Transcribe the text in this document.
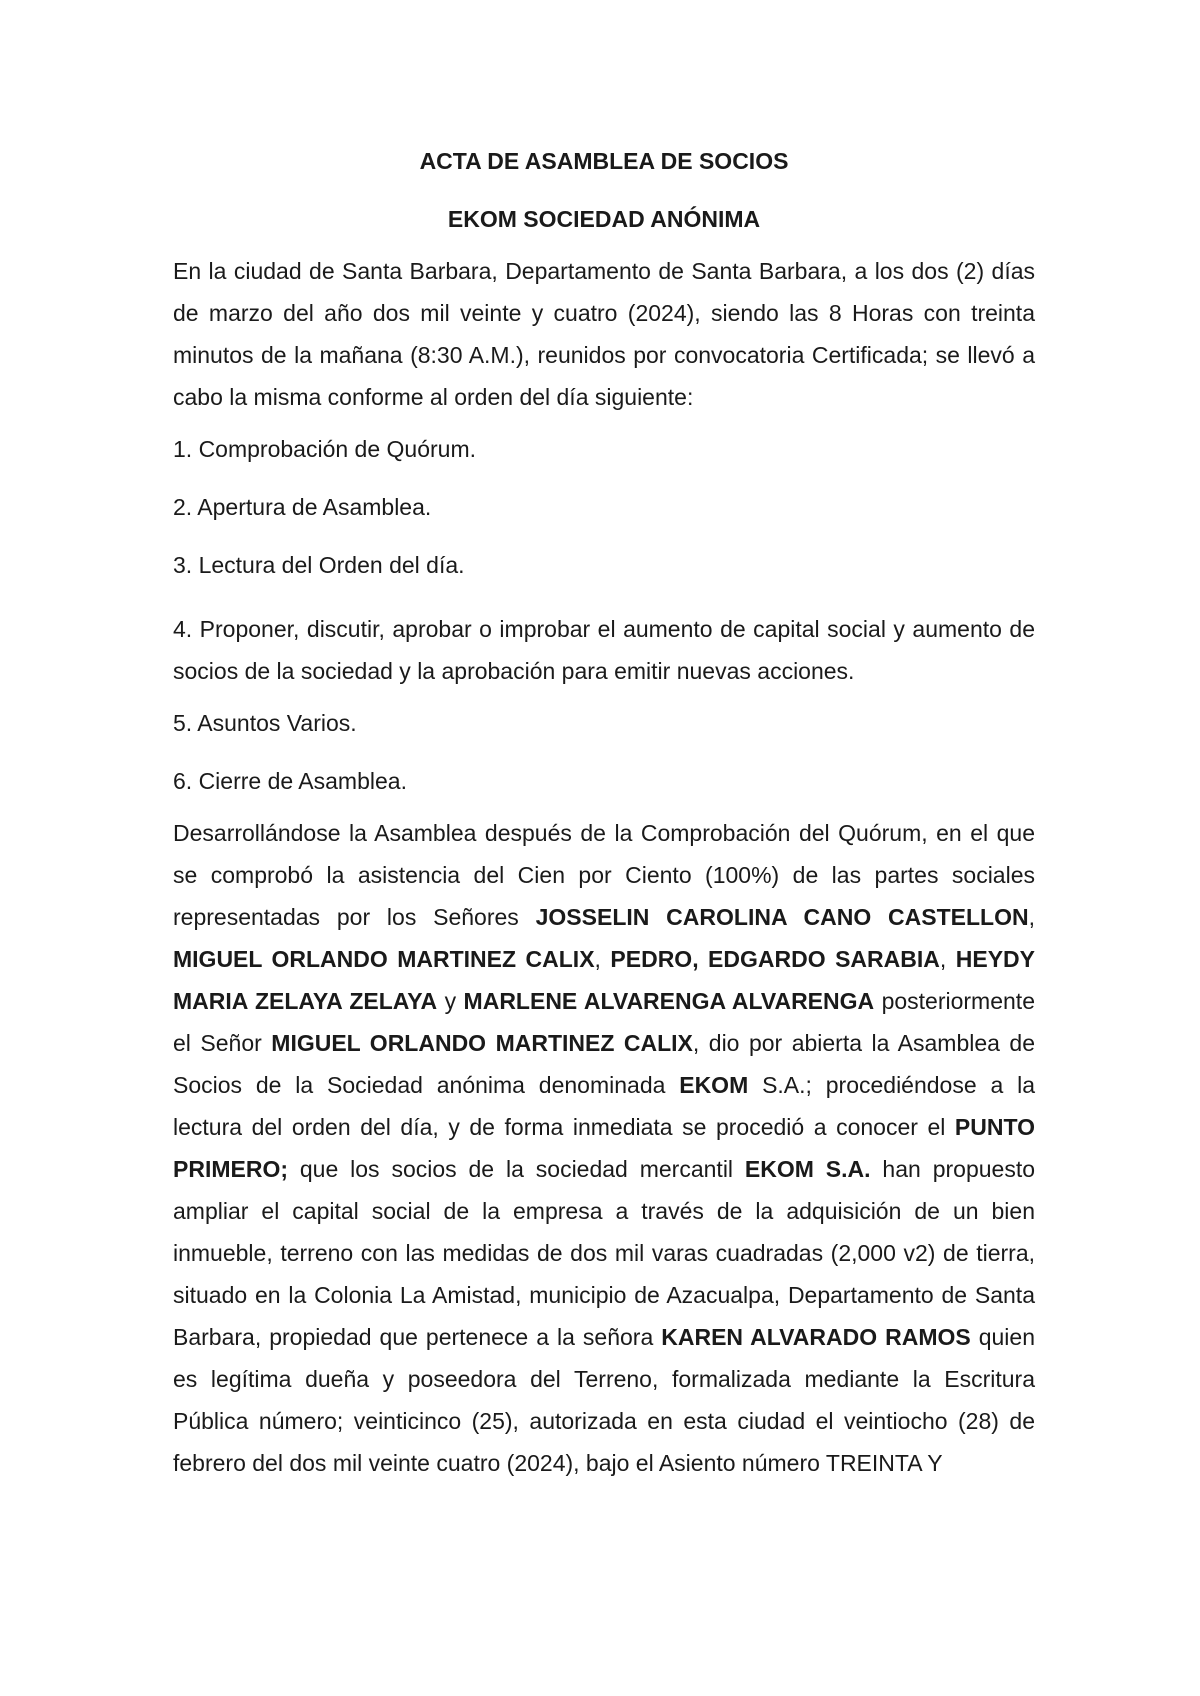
ACTA DE ASAMBLEA DE SOCIOS

EKOM SOCIEDAD ANÓNIMA

En la ciudad de Santa Barbara, Departamento de Santa Barbara, a los dos (2) días de marzo del año dos mil veinte y cuatro (2024), siendo las 8 Horas con treinta minutos de la mañana (8:30 A.M.), reunidos por convocatoria Certificada; se llevó a cabo la misma conforme al orden del día siguiente:

1. Comprobación de Quórum.

2. Apertura de Asamblea.

3. Lectura del Orden del día.

4. Proponer, discutir, aprobar o improbar el aumento de capital social y aumento de socios de la sociedad y la aprobación para emitir nuevas acciones.

5. Asuntos Varios.

6. Cierre de Asamblea.

Desarrollándose la Asamblea después de la Comprobación del Quórum, en el que se comprobó la asistencia del Cien por Ciento (100%) de las partes sociales representadas por los Señores JOSSELIN CAROLINA CANO CASTELLON, MIGUEL ORLANDO MARTINEZ CALIX, PEDRO, EDGARDO SARABIA, HEYDY MARIA ZELAYA ZELAYA y MARLENE ALVARENGA ALVARENGA posteriormente el Señor MIGUEL ORLANDO MARTINEZ CALIX, dio por abierta la Asamblea de Socios de la Sociedad anónima denominada EKOM S.A.; procediéndose a la lectura del orden del día, y de forma inmediata se procedió a conocer el PUNTO PRIMERO; que los socios de la sociedad mercantil EKOM S.A. han propuesto ampliar el capital social de la empresa a través de la adquisición de un bien inmueble, terreno con las medidas de dos mil varas cuadradas (2,000 v2) de tierra, situado en la Colonia La Amistad, municipio de Azacualpa, Departamento de Santa Barbara, propiedad que pertenece a la señora KAREN ALVARADO RAMOS quien es legítima dueña y poseedora del Terreno, formalizada mediante la Escritura Pública número; veinticinco (25), autorizada en esta ciudad el veintiocho (28) de febrero del dos mil veinte cuatro (2024), bajo el Asiento número TREINTA Y
